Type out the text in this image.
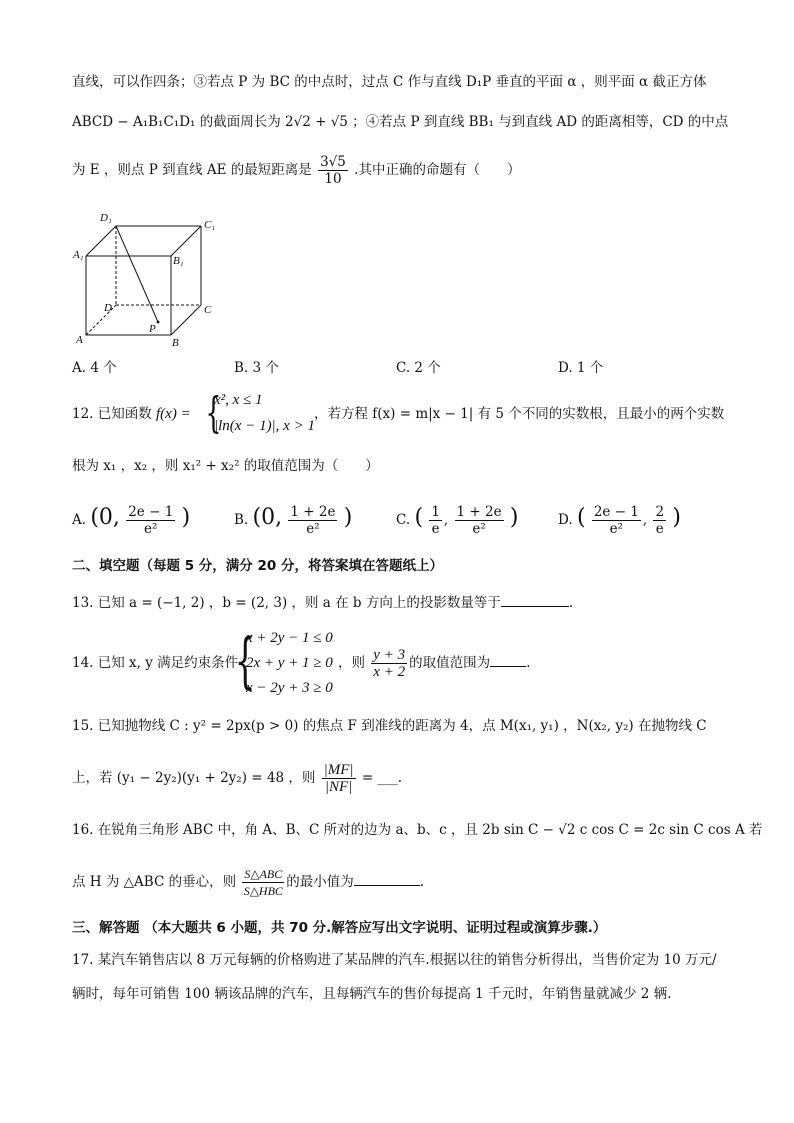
直线，可以作四条；③若点 P 为 BC 的中点时，过点 C 作与直线 D₁P 垂直的平面 α ，则平面 α 截正方体
ABCD − A₁B₁C₁D₁ 的截面周长为 2√2 + √5 ；④若点 P 到直线 BB₁ 与到直线 AD 的距离相等，CD 的中点
为 E ，则点 P 到直线 AE 的最短距离是 $\frac{3√5}{10}$ .其中正确的命题有（　　）
D₁
C₁
A₁	B₁
D	C
P
A	B
A. 4 个	B. 3 个	C. 2 个	D. 1 个
12. 已知函数 f(x) = {
x², x ≤ 1
|ln(x − 1)|, x > 1
，若方程 f(x) = m|x − 1| 有 5 个不同的实数根，且最小的两个实数
根为 x₁ ，x₂ ，则 x₁² + x₂² 的取值范围为（　　）
A. (0, $\frac{2e - 1}{\text{e²}}$ )	B. (0, $\frac{1 + 2e}{\text{e²}}$ )	C. ( $\frac{1}{e}$ , $\frac{1 + 2e}{\text{e²}}$ )	D. ( $\frac{2e - 1}{\text{e²}}$ , $\frac{2}{e}$ )
二、填空题（每题 5 分，满分 20 分，将答案填在答题纸上）
13. 已知 a = (−1, 2) ，b = (2, 3) ，则 a 在 b 方向上的投影数量等于	.
14. 已知 x, y 满足约束条件
{
x + 2y − 1 ≤ 0
2x + y + 1 ≥ 0
x − 2y + 3 ≥ 0
，则 $\frac{y + 3}{x + 2}$ 的取值范围为	.
15. 已知抛物线 C : y² = 2px(p > 0) 的焦点 F 到准线的距离为 4，点 M(x₁, y₁) ，N(x₂, y₂) 在抛物线 C
上，若 (y₁ − 2y₂)(y₁ + 2y₂) = 48 ，则 $\frac{|MF|}{|NF|}$ = ___.
16. 在锐角三角形 ABC 中，角 A、B、C 所对的边为 a、b、c ，且 2b sin C − √2 c cos C = 2c sin C cos A 若
点 H 为 △ABC 的垂心，则 $\frac{\text{S△ABC}}{\text{S△HBC}}$ 的最小值为	.
三、解答题 （本大题共 6 小题，共 70 分.解答应写出文字说明、证明过程或演算步骤.）
17. 某汽车销售店以 8 万元每辆的价格购进了某品牌的汽车.根据以往的销售分析得出，当售价定为 10 万元/
辆时，每年可销售 100 辆该品牌的汽车，且每辆汽车的售价每提高 1 千元时，年销售量就减少 2 辆.
